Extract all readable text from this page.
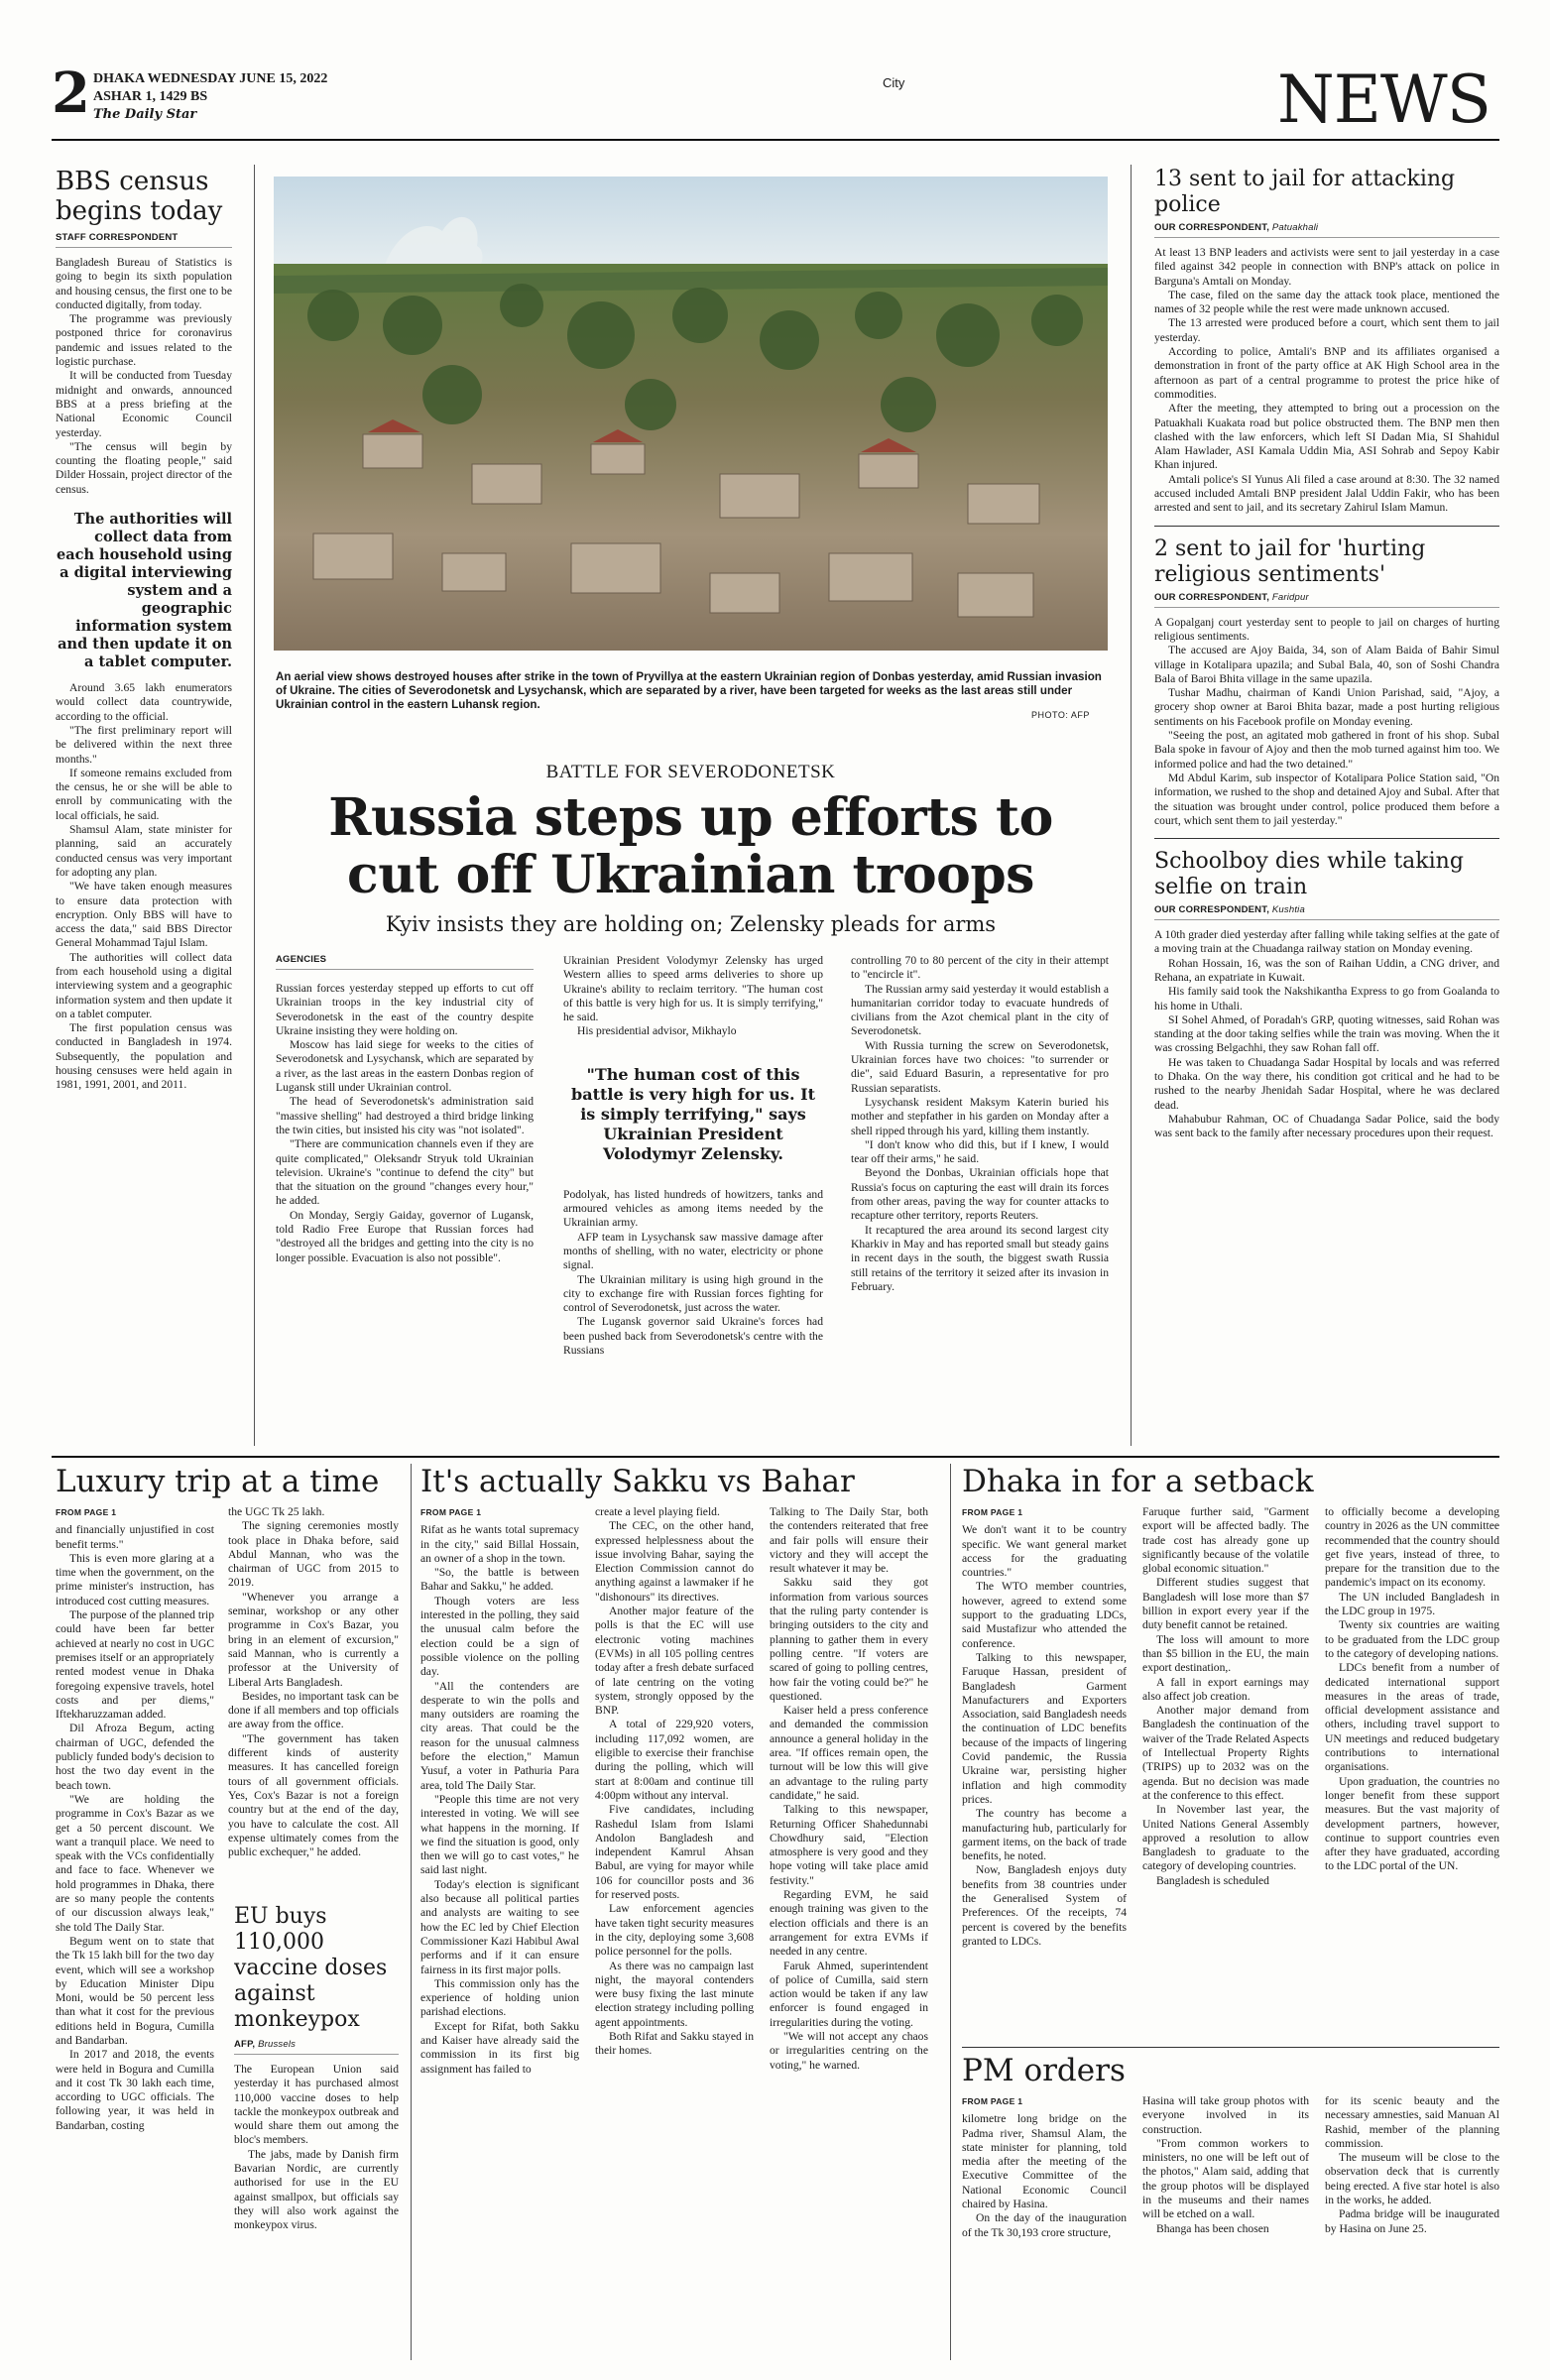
2 DHAKA WEDNESDAY JUNE 15, 2022
ASHAR 1, 1429 BS
The Daily Star
City	NEWS
BBS census begins today
STAFF CORRESPONDENT

Bangladesh Bureau of Statistics is going to begin its sixth population and housing census, the first one to be conducted digitally, from today.

The programme was previously postponed thrice for coronavirus pandemic and issues related to the logistic purchase.

It will be conducted from Tuesday midnight and onwards, announced BBS at a press briefing at the National Economic Council yesterday.

"The census will begin by counting the floating people," said Dilder Hossain, project director of the census.

The authorities will collect data from each household using a digital interviewing system and a geographic information system and then update it on a tablet computer.

Around 3.65 lakh enumerators would collect data countrywide, according to the official.

"The first preliminary report will be delivered within the next three months."

If someone remains excluded from the census, he or she will be able to enroll by communicating with the local officials, he said.

Shamsul Alam, state minister for planning, said an accurately conducted census was very important for adopting any plan.

"We have taken enough measures to ensure data protection with encryption. Only BBS will have to access the data," said BBS Director General Mohammad Tajul Islam.

The authorities will collect data from each household using a digital interviewing system and a geographic information system and then update it on a tablet computer.

The first population census was conducted in Bangladesh in 1974. Subsequently, the population and housing censuses were held again in 1981, 1991, 2001, and 2011.

An aerial view shows destroyed houses after strike in the town of Pryvillya at the eastern Ukrainian region of Donbas yesterday, amid Russian invasion of Ukraine. The cities of Severodonetsk and Lysychansk, which are separated by a river, have been targeted for weeks as the last areas still under Ukrainian control in the eastern Luhansk region.
PHOTO: AFP
BATTLE FOR SEVERODONETSK
Russia steps up efforts to
cut off Ukrainian troops
Kyiv insists they are holding on; Zelensky pleads for arms
AGENCIES

Russian forces yesterday stepped up efforts to cut off Ukrainian troops in the key industrial city of Severodonetsk in the east of the country despite Ukraine insisting they were holding on.

Moscow has laid siege for weeks to the cities of Severodonetsk and Lysychansk, which are separated by a river, as the last areas in the eastern Donbas region of Lugansk still under Ukrainian control.

The head of Severodonetsk's administration said "massive shelling" had destroyed a third bridge linking the twin cities, but insisted his city was "not isolated".

"There are communication channels even if they are quite complicated," Oleksandr Stryuk told Ukrainian television. Ukraine's "continue to defend the city" but that the situation on the ground "changes every hour," he added.

On Monday, Sergiy Gaiday, governor of Lugansk, told Radio Free Europe that Russian forces had "destroyed all the bridges and getting into the city is no longer possible. Evacuation is also not possible".

Ukrainian President Volodymyr Zelensky has urged Western allies to speed arms deliveries to shore up Ukraine's ability to reclaim territory. "The human cost of this battle is very high for us. It is simply terrifying," he said.

His presidential advisor, Mikhaylo

"The human cost of this battle is very high for us. It is simply terrifying," says Ukrainian President Volodymyr Zelensky.

Podolyak, has listed hundreds of howitzers, tanks and armoured vehicles as among items needed by the Ukrainian army.

AFP team in Lysychansk saw massive damage after months of shelling, with no water, electricity or phone signal.

The Ukrainian military is using high ground in the city to exchange fire with Russian forces fighting for control of Severodonetsk, just across the water.

The Lugansk governor said Ukraine's forces had been pushed back from Severodonetsk's centre with the Russians

controlling 70 to 80 percent of the city in their attempt to "encircle it".

The Russian army said yesterday it would establish a humanitarian corridor today to evacuate hundreds of civilians from the Azot chemical plant in the city of Severodonetsk.

With Russia turning the screw on Severodonetsk, Ukrainian forces have two choices: "to surrender or die", said Eduard Basurin, a representative for pro Russian separatists.

Lysychansk resident Maksym Katerin buried his mother and stepfather in his garden on Monday after a shell ripped through his yard, killing them instantly.

"I don't know who did this, but if I knew, I would tear off their arms," he said.

Beyond the Donbas, Ukrainian officials hope that Russia's focus on capturing the east will drain its forces from other areas, paving the way for counter attacks to recapture other territory, reports Reuters.

It recaptured the area around its second largest city Kharkiv in May and has reported small but steady gains in recent days in the south, the biggest swath Russia still retains of the territory it seized after its invasion in February.

13 sent to jail for attacking police
OUR CORRESPONDENT, Patuakhali

At least 13 BNP leaders and activists were sent to jail yesterday in a case filed against 342 people in connection with BNP's attack on police in Barguna's Amtali on Monday.

The case, filed on the same day the attack took place, mentioned the names of 32 people while the rest were made unknown accused.

The 13 arrested were produced before a court, which sent them to jail yesterday.

According to police, Amtali's BNP and its affiliates organised a demonstration in front of the party office at AK High School area in the afternoon as part of a central programme to protest the price hike of commodities.

After the meeting, they attempted to bring out a procession on the Patuakhali Kuakata road but police obstructed them. The BNP men then clashed with the law enforcers, which left SI Dadan Mia, SI Shahidul Alam Hawlader, ASI Kamala Uddin Mia, ASI Sohrab and Sepoy Kabir Khan injured.

Amtali police's SI Yunus Ali filed a case around at 8:30. The 32 named accused included Amtali BNP president Jalal Uddin Fakir, who has been arrested and sent to jail, and its secretary Zahirul Islam Mamun.

2 sent to jail for 'hurting religious sentiments'
OUR CORRESPONDENT, Faridpur

A Gopalganj court yesterday sent to people to jail on charges of hurting religious sentiments.

The accused are Ajoy Baida, 34, son of Alam Baida of Bahir Simul village in Kotalipara upazila; and Subal Bala, 40, son of Soshi Chandra Bala of Baroi Bhita village in the same upazila.

Tushar Madhu, chairman of Kandi Union Parishad, said, "Ajoy, a grocery shop owner at Baroi Bhita bazar, made a post hurting religious sentiments on his Facebook profile on Monday evening.

"Seeing the post, an agitated mob gathered in front of his shop. Subal Bala spoke in favour of Ajoy and then the mob turned against him too. We informed police and had the two detained."

Md Abdul Karim, sub inspector of Kotalipara Police Station said, "On information, we rushed to the shop and detained Ajoy and Subal. After that the situation was brought under control, police produced them before a court, which sent them to jail yesterday."

Schoolboy dies while taking selfie on train
OUR CORRESPONDENT, Kushtia

A 10th grader died yesterday after falling while taking selfies at the gate of a moving train at the Chuadanga railway station on Monday evening.

Rohan Hossain, 16, was the son of Raihan Uddin, a CNG driver, and Rehana, an expatriate in Kuwait.

His family said took the Nakshikantha Express to go from Goalanda to his home in Uthali.

SI Sohel Ahmed, of Poradah's GRP, quoting witnesses, said Rohan was standing at the door taking selfies while the train was moving. When the it was crossing Belgachhi, they saw Rohan fall off.

He was taken to Chuadanga Sadar Hospital by locals and was referred to Dhaka. On the way there, his condition got critical and he had to be rushed to the nearby Jhenidah Sadar Hospital, where he was declared dead.

Mahabubur Rahman, OC of Chuadanga Sadar Police, said the body was sent back to the family after necessary procedures upon their request.

Luxury trip at a time

FROM PAGE 1

and financially unjustified in cost benefit terms."

This is even more glaring at a time when the government, on the prime minister's instruction, has introduced cost cutting measures.

The purpose of the planned trip could have been far better achieved at nearly no cost in UGC premises itself or an appropriately rented modest venue in Dhaka foregoing expensive travels, hotel costs and per diems," Iftekharuzzaman added.

Dil Afroza Begum, acting chairman of UGC, defended the publicly funded body's decision to host the two day event in the beach town.

"We are holding the programme in Cox's Bazar as we get a 50 percent discount. We want a tranquil place. We need to speak with the VCs confidentially and face to face. Whenever we hold programmes in Dhaka, there are so many people the contents of our discussion always leak," she told The Daily Star.

Begum went on to state that the Tk 15 lakh bill for the two day event, which will see a workshop by Education Minister Dipu Moni, would be 50 percent less than what it cost for the previous editions held in Bogura, Cumilla and Bandarban.

In 2017 and 2018, the events were held in Bogura and Cumilla and it cost Tk 30 lakh each time, according to UGC officials. The following year, it was held in Bandarban, costing

the UGC Tk 25 lakh.

The signing ceremonies mostly took place in Dhaka before, said Abdul Mannan, who was the chairman of UGC from 2015 to 2019.

"Whenever you arrange a seminar, workshop or any other programme in Cox's Bazar, you bring in an element of excursion," said Mannan, who is currently a professor at the University of Liberal Arts Bangladesh.

Besides, no important task can be done if all members and top officials are away from the office.

"The government has taken different kinds of austerity measures. It has cancelled foreign tours of all government officials. Yes, Cox's Bazar is not a foreign country but at the end of the day, you have to calculate the cost. All expense ultimately comes from the public exchequer," he added.

EU buys 110,000 vaccine doses against monkeypox
AFP, Brussels

The European Union said yesterday it has purchased almost 110,000 vaccine doses to help tackle the monkeypox outbreak and would share them out among the bloc's members.

The jabs, made by Danish firm Bavarian Nordic, are currently authorised for use in the EU against smallpox, but officials say they will also work against the monkeypox virus.

It's actually Sakku vs Bahar

FROM PAGE 1

Rifat as he wants total supremacy in the city," said Billal Hossain, an owner of a shop in the town.

"So, the battle is between Bahar and Sakku," he added.

Though voters are less interested in the polling, they said the unusual calm before the election could be a sign of possible violence on the polling day.

"All the contenders are desperate to win the polls and many outsiders are roaming the city areas. That could be the reason for the unusual calmness before the election," Mamun Yusuf, a voter in Pathuria Para area, told The Daily Star.

"People this time are not very interested in voting. We will see what happens in the morning. If we find the situation is good, only then we will go to cast votes," he said last night.

Today's election is significant also because all political parties and analysts are waiting to see how the EC led by Chief Election Commissioner Kazi Habibul Awal performs and if it can ensure fairness in its first major polls.

This commission only has the experience of holding union parishad elections.

Except for Rifat, both Sakku and Kaiser have already said the commission in its first big assignment has failed to

create a level playing field.

The CEC, on the other hand, expressed helplessness about the issue involving Bahar, saying the Election Commission cannot do anything against a lawmaker if he "dishonours" its directives.

Another major feature of the polls is that the EC will use electronic voting machines (EVMs) in all 105 polling centres today after a fresh debate surfaced of late centring on the voting system, strongly opposed by the BNP.

A total of 229,920 voters, including 117,092 women, are eligible to exercise their franchise during the polling, which will start at 8:00am and continue till 4:00pm without any interval.

Five candidates, including Rashedul Islam from Islami Andolon Bangladesh and independent Kamrul Ahsan Babul, are vying for mayor while 106 for councillor posts and 36 for reserved posts.

Law enforcement agencies have taken tight security measures in the city, deploying some 3,608 police personnel for the polls.

As there was no campaign last night, the mayoral contenders were busy fixing the last minute election strategy including polling agent appointments.

Both Rifat and Sakku stayed in their homes.

Talking to The Daily Star, both the contenders reiterated that free and fair polls will ensure their victory and they will accept the result whatever it may be.

Sakku said they got information from various sources that the ruling party contender is bringing outsiders to the city and planning to gather them in every polling centre. "If voters are scared of going to polling centres, how fair the voting could be?" he questioned.

Kaiser held a press conference and demanded the commission announce a general holiday in the area. "If offices remain open, the turnout will be low this will give an advantage to the ruling party candidate," he said.

Talking to this newspaper, Returning Officer Shahedunnabi Chowdhury said, "Election atmosphere is very good and they hope voting will take place amid festivity."

Regarding EVM, he said enough training was given to the election officials and there is an arrangement for extra EVMs if needed in any centre.

Faruk Ahmed, superintendent of police of Cumilla, said stern action would be taken if any law enforcer is found engaged in irregularities during the voting.

"We will not accept any chaos or irregularities centring on the voting," he warned.

Dhaka in for a setback

FROM PAGE 1

We don't want it to be country specific. We want general market access for the graduating countries."

The WTO member countries, however, agreed to extend some support to the graduating LDCs, said Mustafizur who attended the conference.

Talking to this newspaper, Faruque Hassan, president of Bangladesh Garment Manufacturers and Exporters Association, said Bangladesh needs the continuation of LDC benefits because of the impacts of lingering Covid pandemic, the Russia Ukraine war, persisting higher inflation and high commodity prices.

The country has become a manufacturing hub, particularly for garment items, on the back of trade benefits, he noted.

Now, Bangladesh enjoys duty benefits from 38 countries under the Generalised System of Preferences. Of the receipts, 74 percent is covered by the benefits granted to LDCs.

Faruque further said, "Garment export will be affected badly. The trade cost has already gone up significantly because of the volatile global economic situation."

Different studies suggest that Bangladesh will lose more than $7 billion in export every year if the duty benefit cannot be retained.

The loss will amount to more than $5 billion in the EU, the main export destination,.

A fall in export earnings may also affect job creation.

Another major demand from Bangladesh the continuation of the waiver of the Trade Related Aspects of Intellectual Property Rights (TRIPS) up to 2032 was on the agenda. But no decision was made at the conference to this effect.

In November last year, the United Nations General Assembly approved a resolution to allow Bangladesh to graduate to the category of developing countries.

Bangladesh is scheduled

to officially become a developing country in 2026 as the UN committee recommended that the country should get five years, instead of three, to prepare for the transition due to the pandemic's impact on its economy.

The UN included Bangladesh in the LDC group in 1975.

Twenty six countries are waiting to be graduated from the LDC group to the category of developing nations.

LDCs benefit from a number of dedicated international support measures in the areas of trade, official development assistance and others, including travel support to UN meetings and reduced budgetary contributions to international organisations.

Upon graduation, the countries no longer benefit from these support measures. But the vast majority of development partners, however, continue to support countries even after they have graduated, according to the LDC portal of the UN.

PM orders

FROM PAGE 1

kilometre long bridge on the Padma river, Shamsul Alam, the state minister for planning, told media after the meeting of the Executive Committee of the National Economic Council chaired by Hasina.

On the day of the inauguration of the Tk 30,193 crore structure,

Hasina will take group photos with everyone involved in its construction.

"From common workers to ministers, no one will be left out of the photos," Alam said, adding that the group photos will be displayed in the museums and their names will be etched on a wall.

Bhanga has been chosen

for its scenic beauty and the necessary amnesties, said Manuan Al Rashid, member of the planning commission.

The museum will be close to the observation deck that is currently being erected. A five star hotel is also in the works, he added.

Padma bridge will be inaugurated by Hasina on June 25.
